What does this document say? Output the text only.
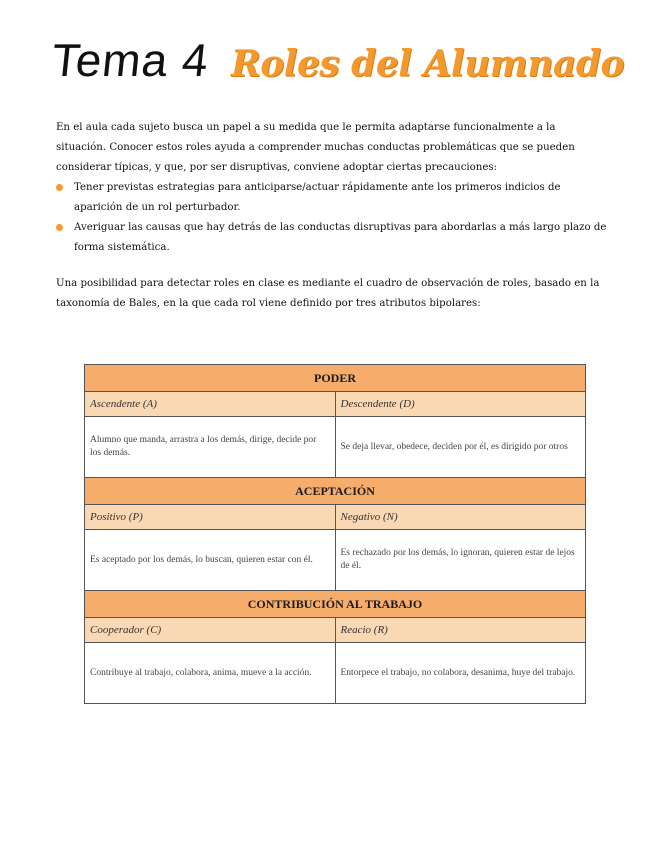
Tema 4 Roles del Alumnado

En el aula cada sujeto busca un papel a su medida que le permita adaptarse funcionalmente a la situación. Conocer estos roles ayuda a comprender muchas conductas problemáticas que se pueden considerar típicas, y que, por ser disruptivas, conviene adoptar ciertas precauciones:

Tener previstas estrategias para anticiparse/actuar rápidamente ante los primeros indicios de aparición de un rol perturbador.
Averiguar las causas que hay detrás de las conductas disruptivas para abordarlas a más largo plazo de forma sistemática.

Una posibilidad para detectar roles en clase es mediante el cuadro de observación de roles, basado en la taxonomía de Bales, en la que cada rol viene definido por tres atributos bipolares:

PODER	
Ascendente (A)	Descendente (D)
Alumno que manda, arrastra a los demás, dirige, decide por los demás.	Se deja llevar, obedece, deciden por él, es dirigido por otros
ACEPTACIÓN	
Positivo (P)	Negativo (N)
Es aceptado por los demás, lo buscan, quieren estar con él.	Es rechazado por los demás, lo ignoran, quieren estar de lejos de él.
CONTRIBUCIÓN AL TRABAJO	
Cooperador (C)	Reacio (R)
Contribuye al trabajo, colabora, anima, mueve a la acción.	Entorpece el trabajo, no colabora, desanima, huye del trabajo.
